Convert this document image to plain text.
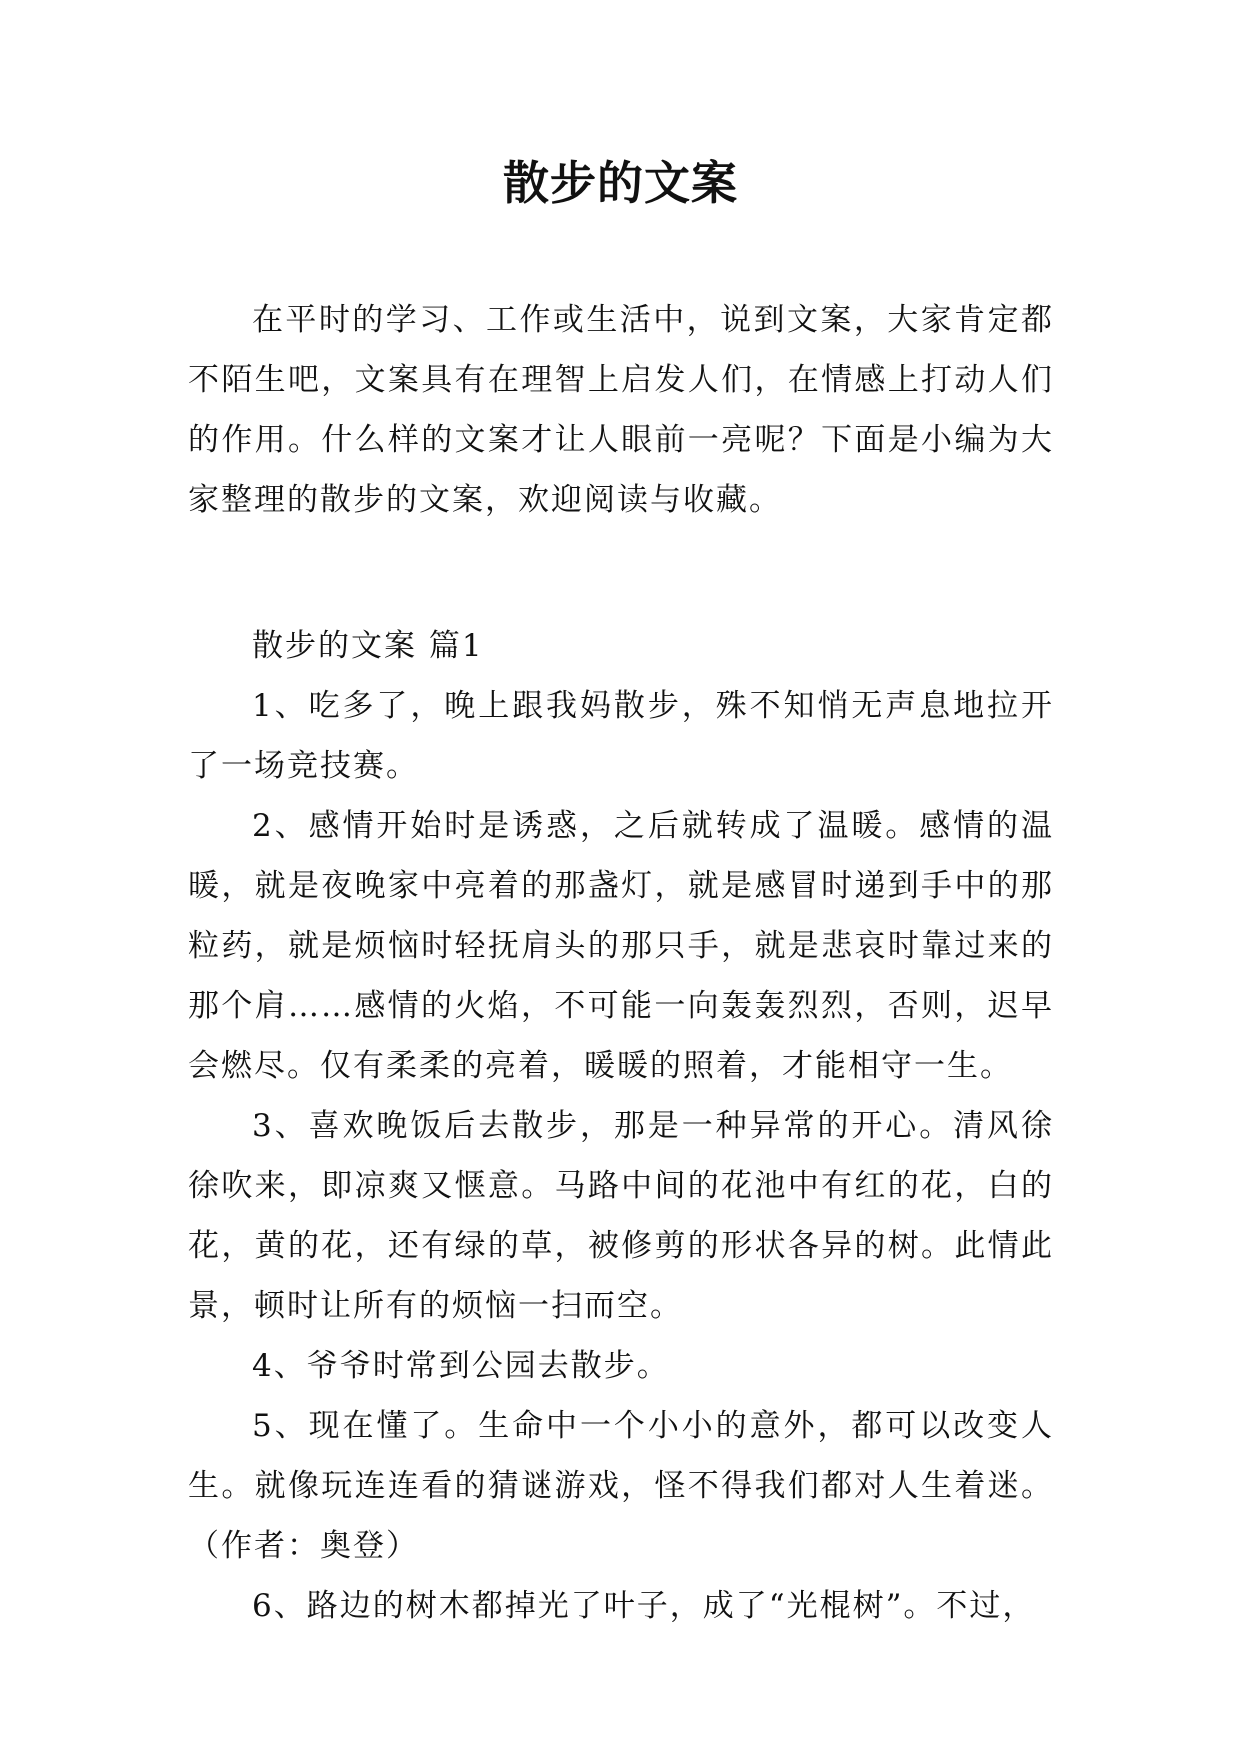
散步的文案

在平时的学习、工作或生活中，说到文案，大家肯定都不陌生吧，文案具有在理智上启发人们，在情感上打动人们的作用。什么样的文案才让人眼前一亮呢？下面是小编为大家整理的散步的文案，欢迎阅读与收藏。

散步的文案 篇1

1、吃多了，晚上跟我妈散步，殊不知悄无声息地拉开了一场竞技赛。

2、感情开始时是诱惑，之后就转成了温暖。感情的温暖，就是夜晚家中亮着的那盏灯，就是感冒时递到手中的那粒药，就是烦恼时轻抚肩头的那只手，就是悲哀时靠过来的那个肩……感情的火焰，不可能一向轰轰烈烈，否则，迟早会燃尽。仅有柔柔的亮着，暖暖的照着，才能相守一生。

3、喜欢晚饭后去散步，那是一种异常的开心。清风徐徐吹来，即凉爽又惬意。马路中间的花池中有红的花，白的花，黄的花，还有绿的草，被修剪的形状各异的树。此情此景，顿时让所有的烦恼一扫而空。

4、爷爷时常到公园去散步。

5、现在懂了。生命中一个小小的意外，都可以改变人生。就像玩连连看的猜谜游戏，怪不得我们都对人生着迷。（作者：奥登）

6、路边的树木都掉光了叶子，成了“光棍树”。不过，
